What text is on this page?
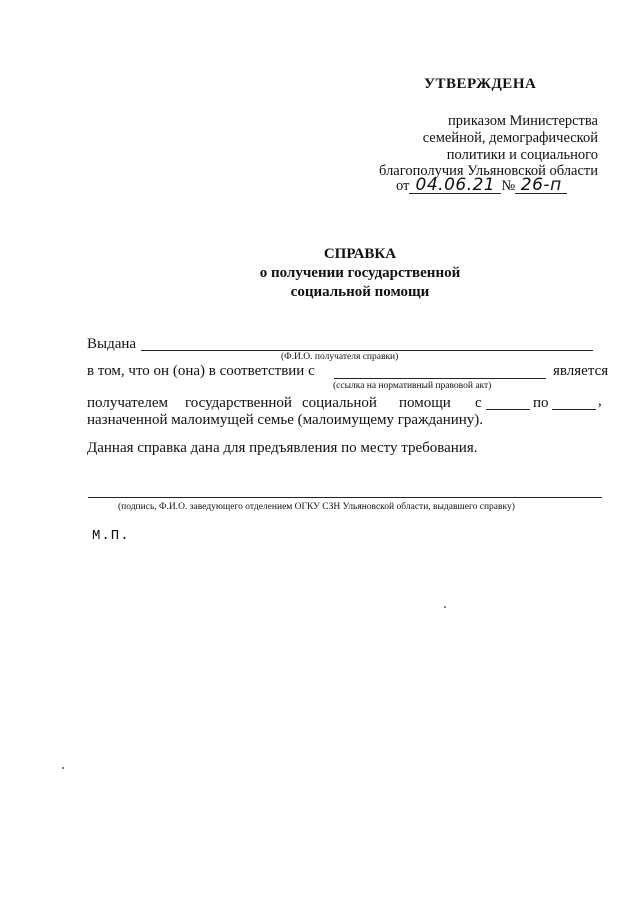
УТВЕРЖДЕНА
приказом Министерства
семейной, демографической
политики и социального
благополучия Ульяновской области
от 04.06.21 № 26-п
СПРАВКА
о получении государственной
социальной помощи
Выдана
(Ф.И.О. получателя справки)
в том, что он (она) в соответствии с	является
(ссылка на нормативный правовой акт)
получателем государственной социальной помощи с	по	,
назначенной малоимущей семье (малоимущему гражданину).
Данная справка дана для предъявления по месту требования.
(подпись, Ф.И.О. заведующего отделением ОГКУ СЗН Ульяновской области, выдавшего справку)
М.П.
